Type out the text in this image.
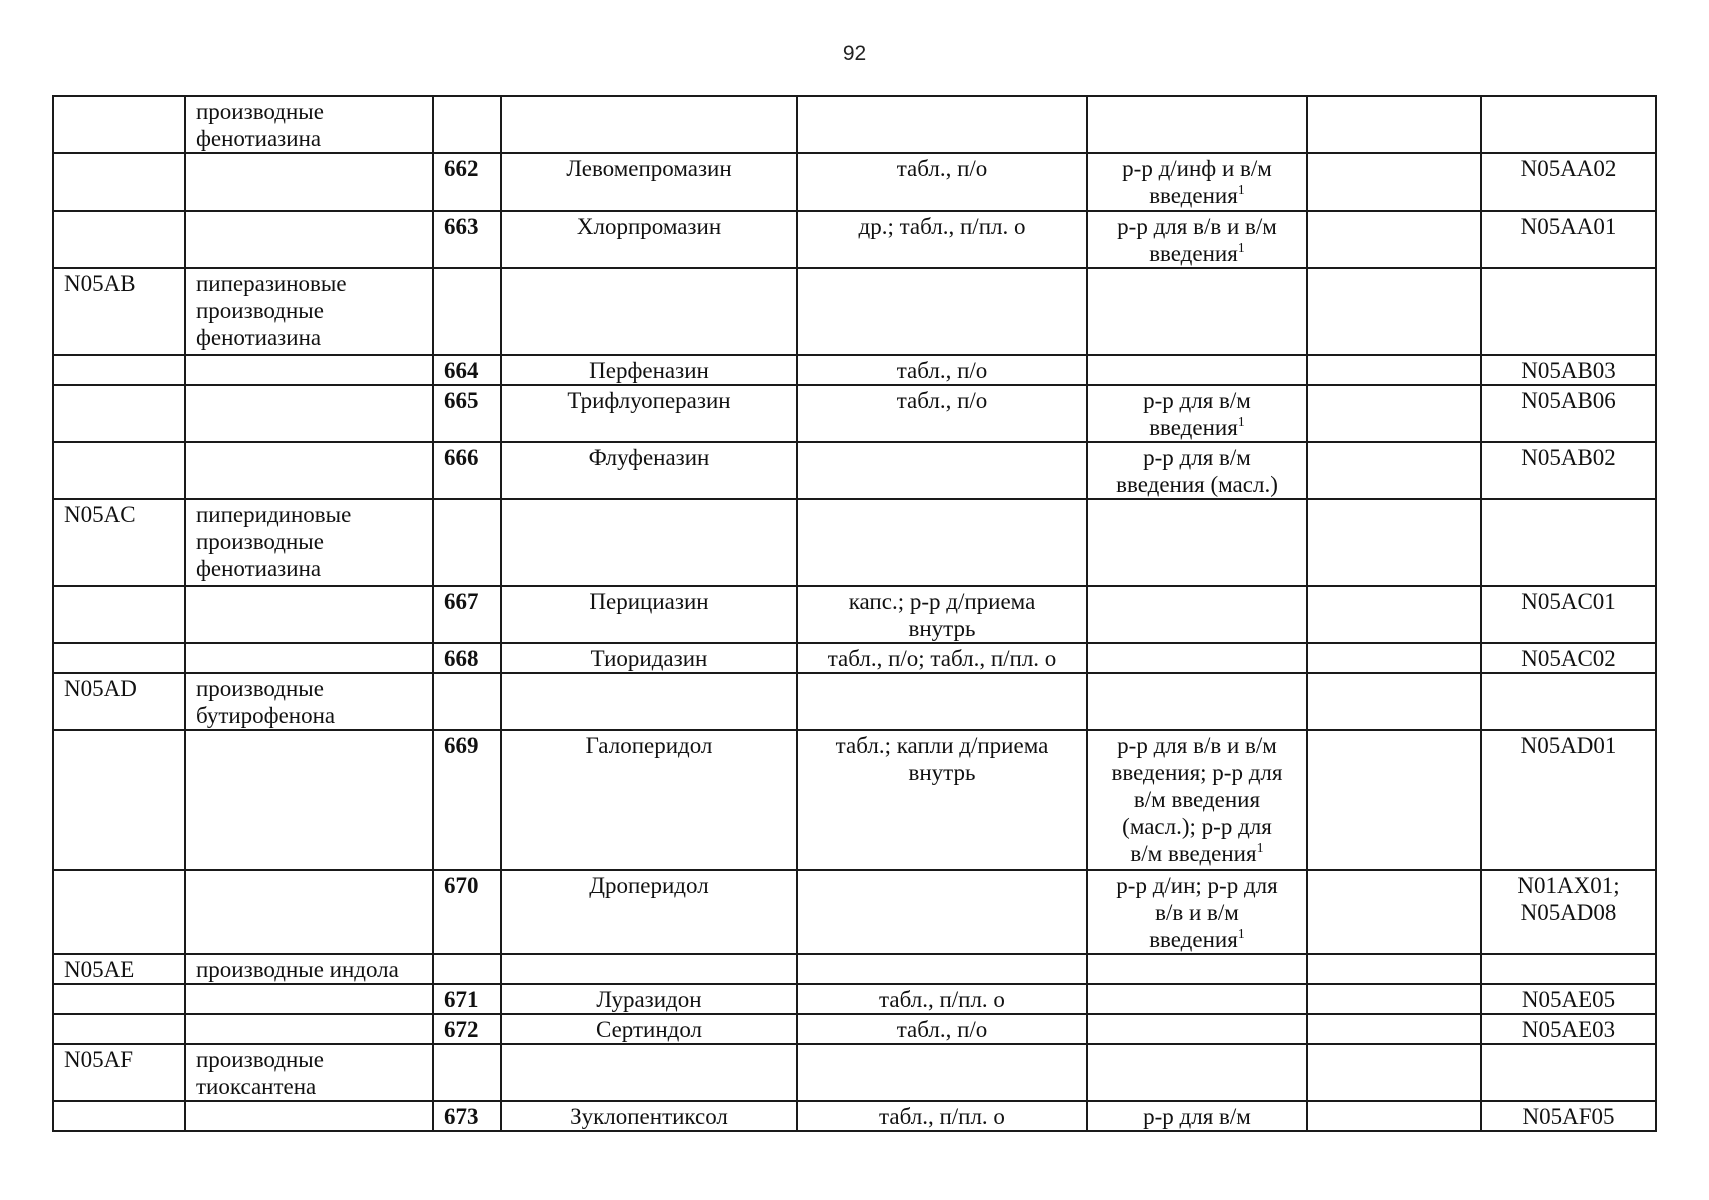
92
	производные
фенотиазина						
		662	Левомепромазин	табл., п/о	р-р д/инф и в/м
введения$^1$		N05AA02
		663	Хлорпромазин	др.; табл., п/пл. о	р-р для в/в и в/м
введения$^1$		N05AA01
N05AB	пиперазиновые
производные
фенотиазина						
		664	Перфеназин	табл., п/о			N05AB03
		665	Трифлуоперазин	табл., п/о	р-р для в/м
введения$^1$		N05AB06
		666	Флуфеназин		р-р для в/м
введения (масл.)		N05AB02
N05AC	пиперидиновые
производные
фенотиазина						
		667	Перициазин	капс.; р-р д/приема
внутрь			N05AC01
		668	Тиоридазин	табл., п/о; табл., п/пл. о			N05AC02
N05AD	производные
бутирофенона						
		669	Галоперидол	табл.; капли д/приема
внутрь	р-р для в/в и в/м
введения; р-р для
в/м введения
(масл.); р-р для
в/м введения$^1$		N05AD01
		670	Дроперидол		р-р д/ин; р-р для
в/в и в/м
введения$^1$		N01AX01;
N05AD08
N05AE	производные индола						
		671	Луразидон	табл., п/пл. о			N05AE05
		672	Сертиндол	табл., п/о			N05AE03
N05AF	производные
тиоксантена						
		673	Зуклопентиксол	табл., п/пл. о	р-р для в/м		N05AF05
